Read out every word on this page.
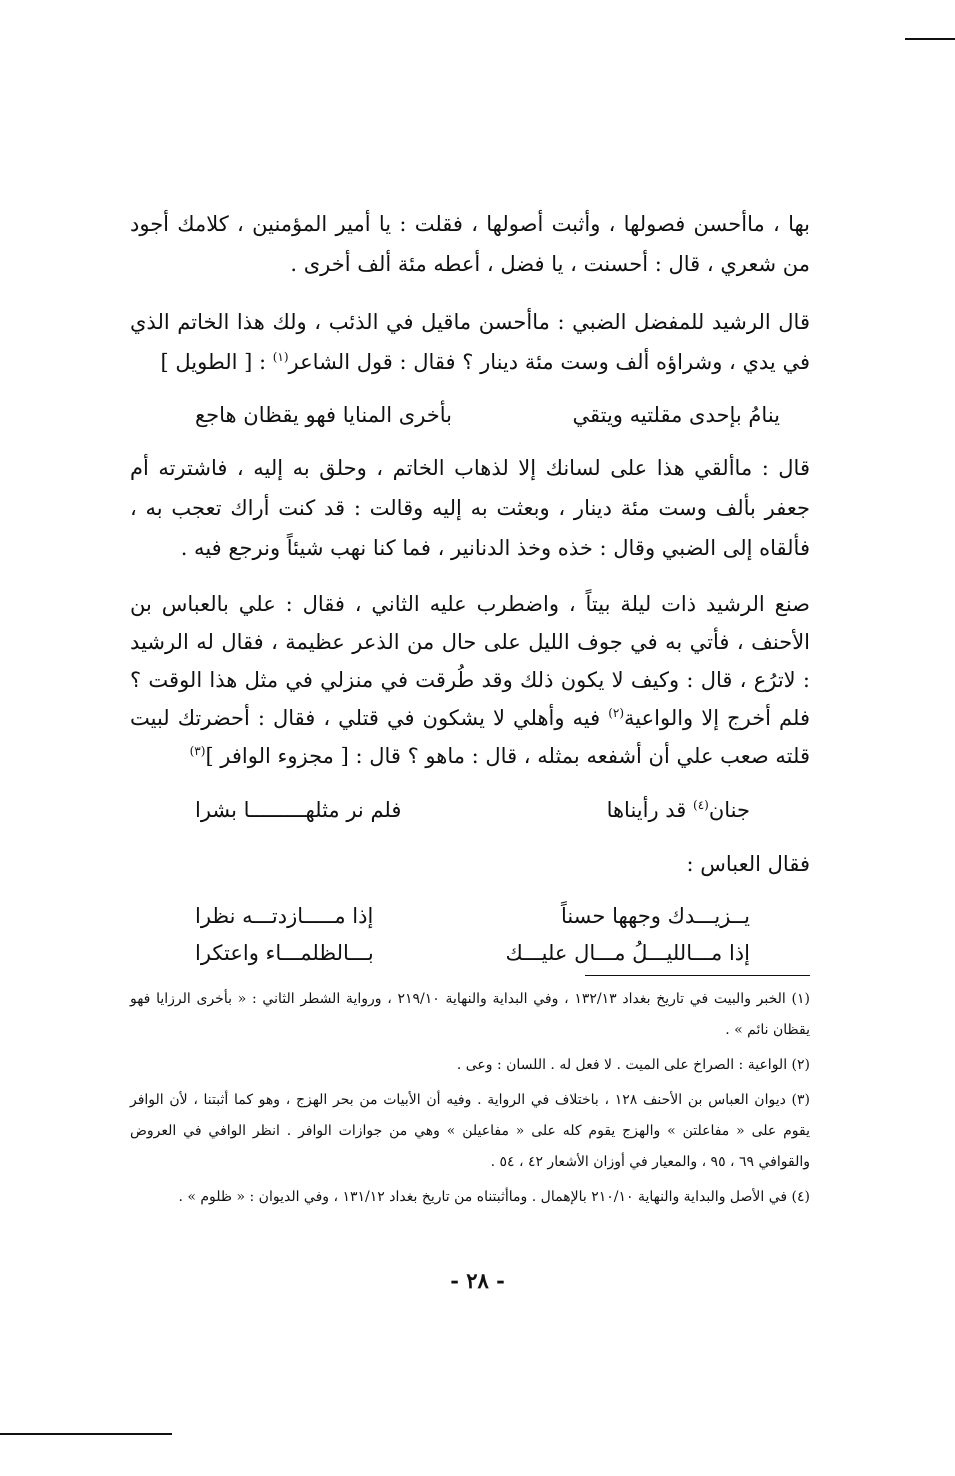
بها ، ماأحسن فصولها ، وأثبت أصولها ، فقلت : يا أمير المؤمنين ، كلامك أجود من شعري ، قال : أحسنت ، يا فضل ، أعطه مئة ألف أخرى .
قال الرشيد للمفضل الضبي : ماأحسن ماقيل في الذئب ، ولك هذا الخاتم الذي في يدي ، وشراؤه ألف وست مئة دينار ؟ فقال : قول الشاعر$^{(١)}$ : [ الطويل ]
ينامُ بإحدى مقلتيه ويتقي
بأخرى المنايا فهو يقظان هاجع
قال : ماألقي هذا على لسانك إلا لذهاب الخاتم ، وحلق به إليه ، فاشترته أم جعفر بألف وست مئة دينار ، وبعثت به إليه وقالت : قد كنت أراك تعجب به ، فألقاه إلى الضبي وقال : خذه وخذ الدنانير ، فما كنا نهب شيئاً ونرجع فيه .
صنع الرشيد ذات ليلة بيتاً ، واضطرب عليه الثاني ، فقال : علي بالعباس بن الأحنف ، فأتي به في جوف الليل على حال من الذعر عظيمة ، فقال له الرشيد : لاترُع ، قال : وكيف لا يكون ذلك وقد طُرقت في منزلي في مثل هذا الوقت ؟ فلم أخرج إلا والواعية$^{(٢)}$ فيه وأهلي لا يشكون في قتلي ، فقال : أحضرتك لبيت قلته صعب علي أن أشفعه بمثله ، قال : ماهو ؟ قال : [ مجزوء الوافر ]$^{(٣)}$
جنان$^{(٤)}$ قد رأيناها
فلم نر مثلهـــــــــا بشرا
فقال العباس :
يــزيـــدك وجهها حسناً
إذا مـــــازدتـــه نظرا
إذا مـــالليـــلُ مـــال عليـــك
بـــالظلمـــاء واعتكرا
(١) الخبر والبيت في تاريخ بغداد ١٣٢/١٣ ، وفي البداية والنهاية ٢١٩/١٠ ، ورواية الشطر الثاني : « بأخرى الرزايا فهو يقظان نائم » .
(٢) الواعية : الصراخ على الميت . لا فعل له . اللسان : وعى .
(٣) ديوان العباس بن الأحنف ١٢٨ ، باختلاف في الرواية . وفيه أن الأبيات من بحر الهزج ، وهو كما أثبتنا ، لأن الوافر يقوم على « مفاعلتن » والهزج يقوم كله على « مفاعيلن » وهي من جوازات الوافر . انظر الوافي في العروض والقوافي ٦٩ ، ٩٥ ، والمعيار في أوزان الأشعار ٤٢ ، ٥٤ .
(٤) في الأصل والبداية والنهاية ٢١٠/١٠ بالإهمال . وماأثبتناه من تاريخ بغداد ١٣١/١٢ ، وفي الديوان : « ظلوم » .
- ٢٨ -
